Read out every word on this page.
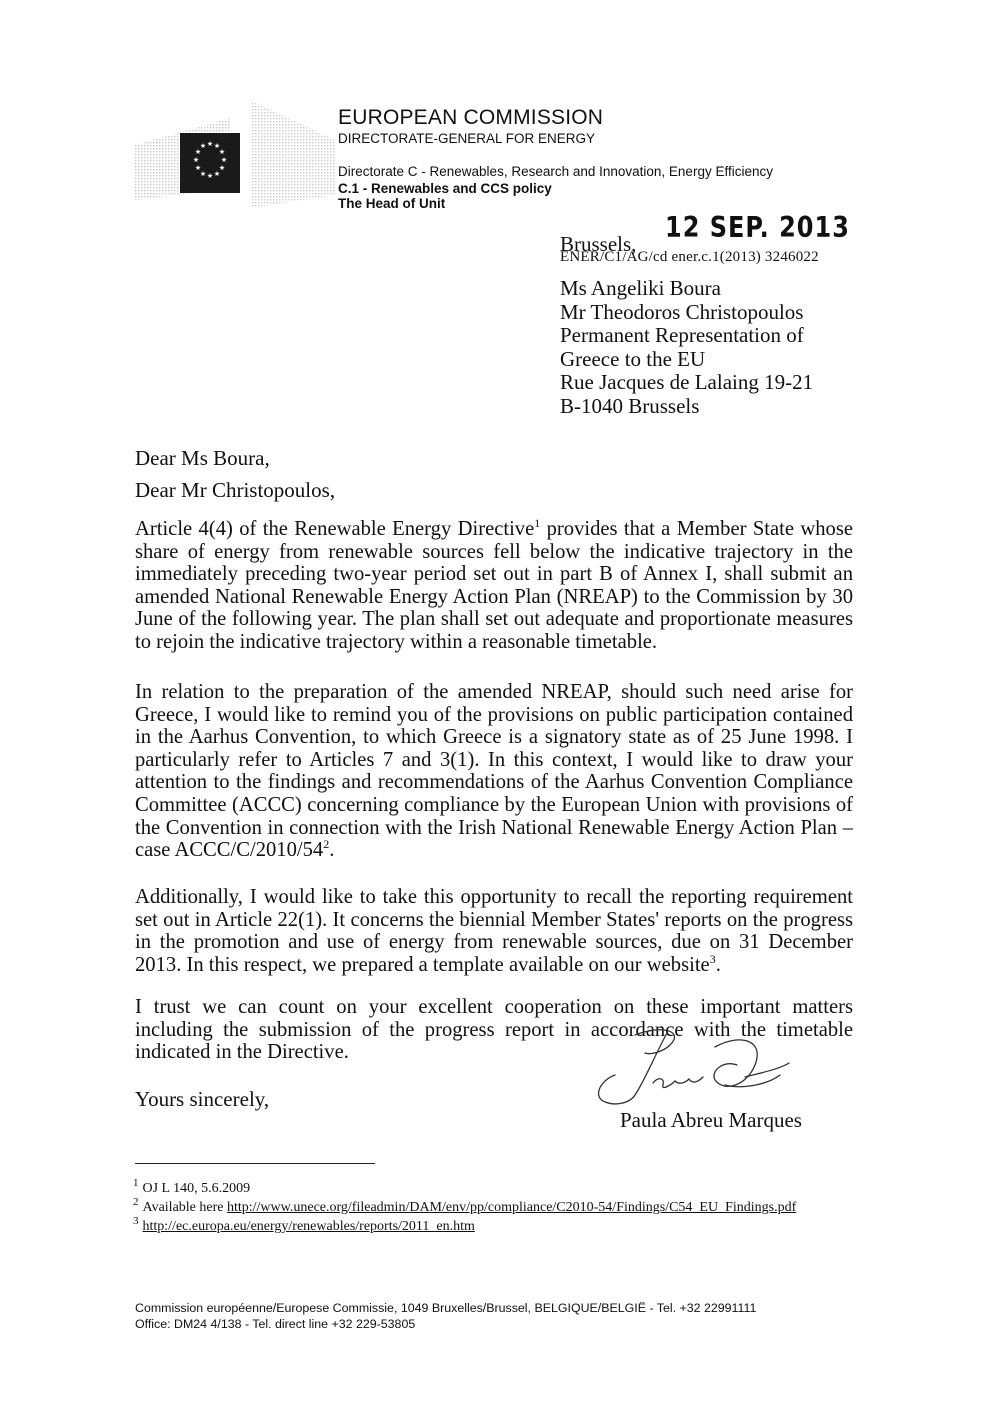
★ ★
★
★
★
★
★
★
★
★
★
★
EUROPEAN COMMISSION
DIRECTORATE-GENERAL FOR ENERGY
Directorate C - Renewables, Research and Innovation, Energy Efficiency
C.1 - Renewables and CCS policy
The Head of Unit
Brussels, 12 SEP. 2013
ENER/C1/AG/cd ener.c.1(2013) 3246022
Ms Angeliki Boura
Mr Theodoros Christopoulos
Permanent Representation of
Greece to the EU
Rue Jacques de Lalaing 19-21
B-1040 Brussels
Dear Ms Boura,
Dear Mr Christopoulos,
Article 4(4) of the Renewable Energy Directive$^1$ provides that a Member State whose share of energy from renewable sources fell below the indicative trajectory in the immediately preceding two-year period set out in part B of Annex I, shall submit an amended National Renewable Energy Action Plan (NREAP) to the Commission by 30 June of the following year. The plan shall set out adequate and proportionate measures to rejoin the indicative trajectory within a reasonable timetable.
In relation to the preparation of the amended NREAP, should such need arise for Greece, I would like to remind you of the provisions on public participation contained in the Aarhus Convention, to which Greece is a signatory state as of 25 June 1998. I particularly refer to Articles 7 and 3(1). In this context, I would like to draw your attention to the findings and recommendations of the Aarhus Convention Compliance Committee (ACCC) concerning compliance by the European Union with provisions of the Convention in connection with the Irish National Renewable Energy Action Plan – case ACCC/$C/2010/54^2$.
Additionally, I would like to take this opportunity to recall the reporting requirement set out in Article 22(1). It concerns the biennial Member States' reports on the progress in the promotion and use of energy from renewable sources, due on 31 December 2013. In this respect, we prepared a template available on our website$^3$.
I trust we can count on your excellent cooperation on these important matters including the submission of the progress report in accordance with the timetable indicated in the Directive.
Yours sincerely,
Paula Abreu Marques
$^1$ OJ L 140, 5.6.2009
$^2$ Available here http://www.unece.org/fileadmin/DAM/env/pp/compliance/C2010-54/Findings/C54_EU_Findings.pdf
$^3$ http://ec.europa.eu/energy/renewables/reports/2011_en.htm
Commission européenne/Europese Commissie, 1049 Bruxelles/Brussel, BELGIQUE/BELGIË - Tel. +32 22991111
Office: DM24 4/138 - Tel. direct line +32 229-53805
